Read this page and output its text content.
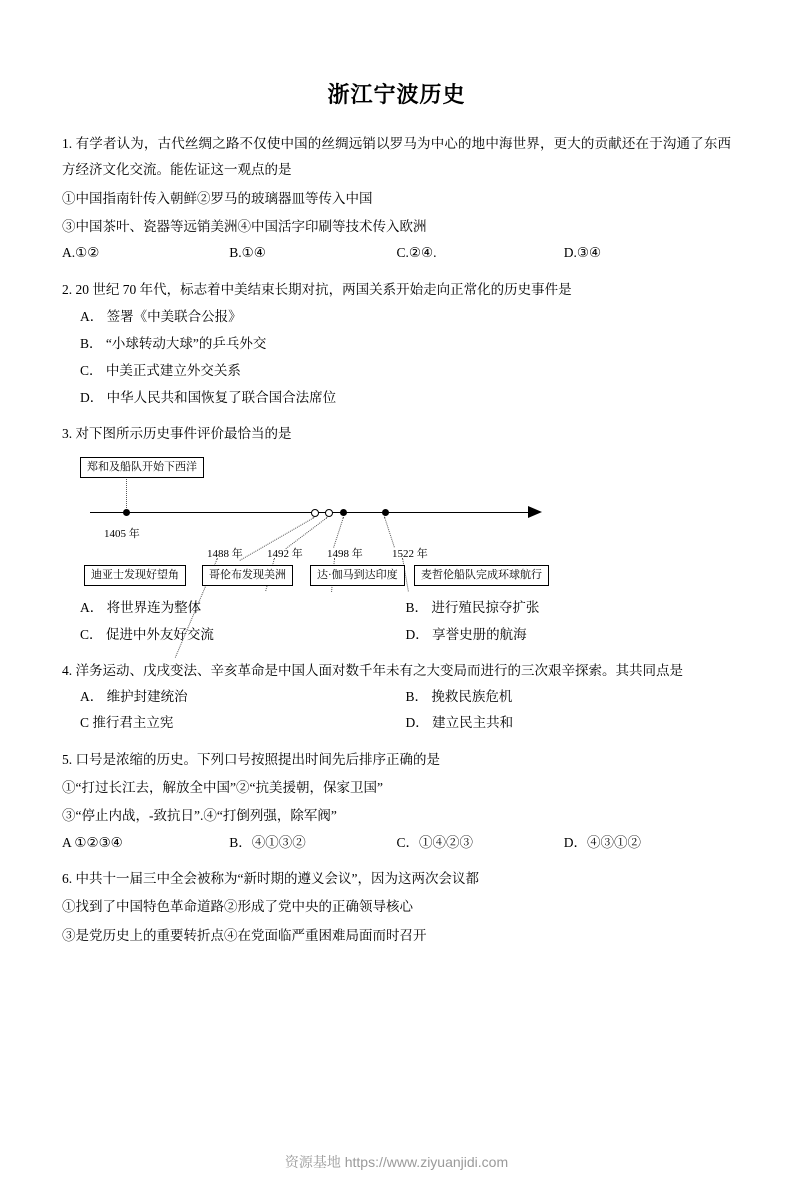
浙江宁波历史
1. 有学者认为，古代丝绸之路不仅使中国的丝绸远销以罗马为中心的地中海世界，更大的贡献还在于沟通了东西方经济文化交流。能佐证这一观点的是
①中国指南针传入朝鲜②罗马的玻璃器皿等传入中国
③中国茶叶、瓷器等远销美洲④中国活字印刷等技术传入欧洲
A.①②	B.①④	C.②④.	D.③④
2. 20 世纪 70 年代，标志着中美结束长期对抗，两国关系开始走向正常化的历史事件是
A． 签署《中美联合公报》
B． “小球转动大球”的乒乓外交
C． 中美正式建立外交关系
D． 中华人民共和国恢复了联合国合法席位
3. 对下图所示历史事件评价最恰当的是
郑和及船队开始下西洋
1405 年
1488 年 1492 年 1498 年	1522 年
迪亚士发现好望角	哥伦布发现美洲	达·伽马到达印度	麦哲伦船队完成环球航行
A． 将世界连为整体	B． 进行殖民掠夺扩张
C． 促进中外友好交流	D． 享誉史册的航海
4. 洋务运动、戊戌变法、辛亥革命是中国人面对数千年未有之大变局而进行的三次艰辛探索。其共同点是
A． 维护封建统治	B． 挽救民族危机
C 推行君主立宪	D． 建立民主共和
5. 口号是浓缩的历史。下列口号按照提出时间先后排序正确的是
①“打过长江去，解放全中国”②“抗美援朝，保家卫国”
③“停止内战，-致抗日”.④“打倒列强，除军阀”
A ①②③④	B．④①③②	C．①④②③	D．④③①②
6. 中共十一届三中全会被称为“新时期的遵义会议”，因为这两次会议都
①找到了中国特色革命道路②形成了党中央的正确领导核心
③是党历史上的重要转折点④在党面临严重困难局面而时召开
资源基地 https://www.ziyuanjidi.com
